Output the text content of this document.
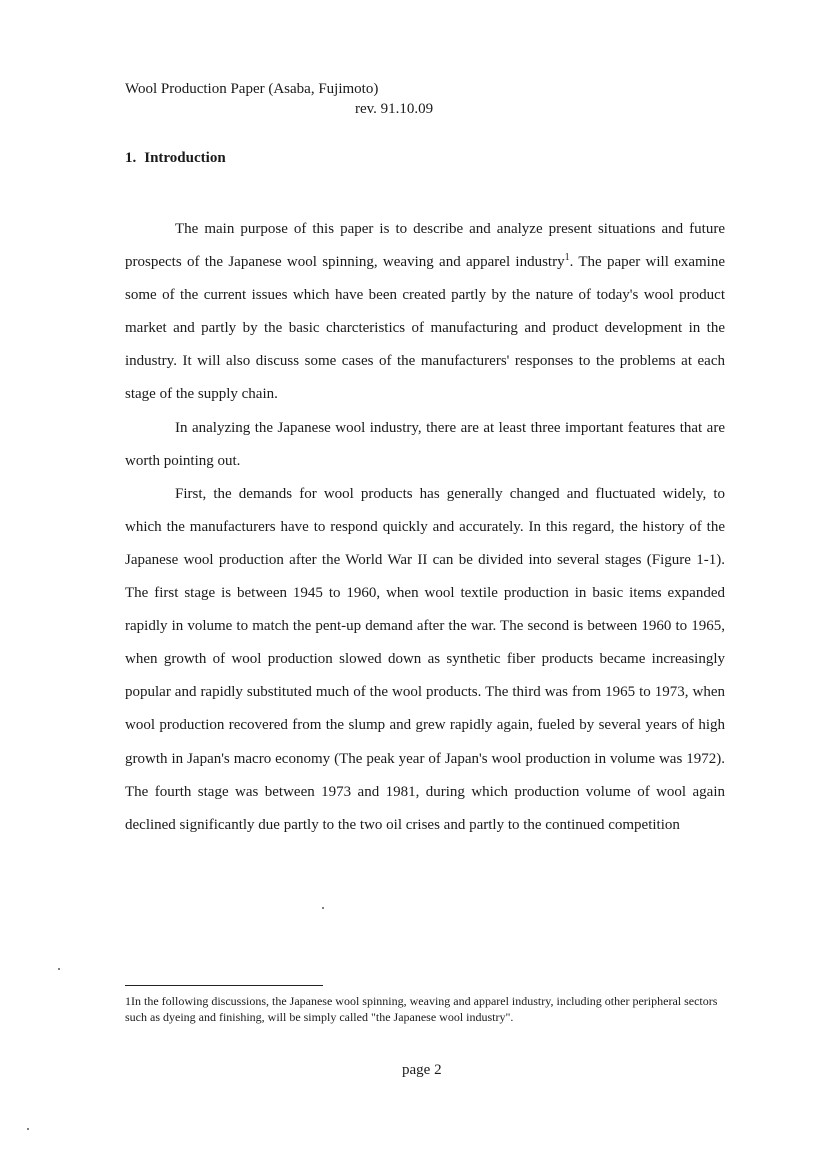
Wool Production Paper (Asaba, Fujimoto)
rev. 91.10.09
1. Introduction

The main purpose of this paper is to describe and analyze present situations and future prospects of the Japanese wool spinning, weaving and apparel industry$^1$. The paper will examine some of the current issues which have been created partly by the nature of today's wool product market and partly by the basic charcteristics of manufacturing and product development in the industry. It will also discuss some cases of the manufacturers' responses to the problems at each stage of the supply chain.

In analyzing the Japanese wool industry, there are at least three important features that are worth pointing out.

First, the demands for wool products has generally changed and fluctuated widely, to which the manufacturers have to respond quickly and accurately. In this regard, the history of the Japanese wool production after the World War II can be divided into several stages (Figure 1-1). The first stage is between 1945 to 1960, when wool textile production in basic items expanded rapidly in volume to match the pent-up demand after the war. The second is between 1960 to 1965, when growth of wool production slowed down as synthetic fiber products became increasingly popular and rapidly substituted much of the wool products. The third was from 1965 to 1973, when wool production recovered from the slump and grew rapidly again, fueled by several years of high growth in Japan's macro economy (The peak year of Japan's wool production in volume was 1972). The fourth stage was between 1973 and 1981, during which production volume of wool again declined significantly due partly to the two oil crises and partly to the continued competition

1In the following discussions, the Japanese wool spinning, weaving and apparel industry, including other peripheral sectors such as dyeing and finishing, will be simply called "the Japanese wool industry".
page 2
